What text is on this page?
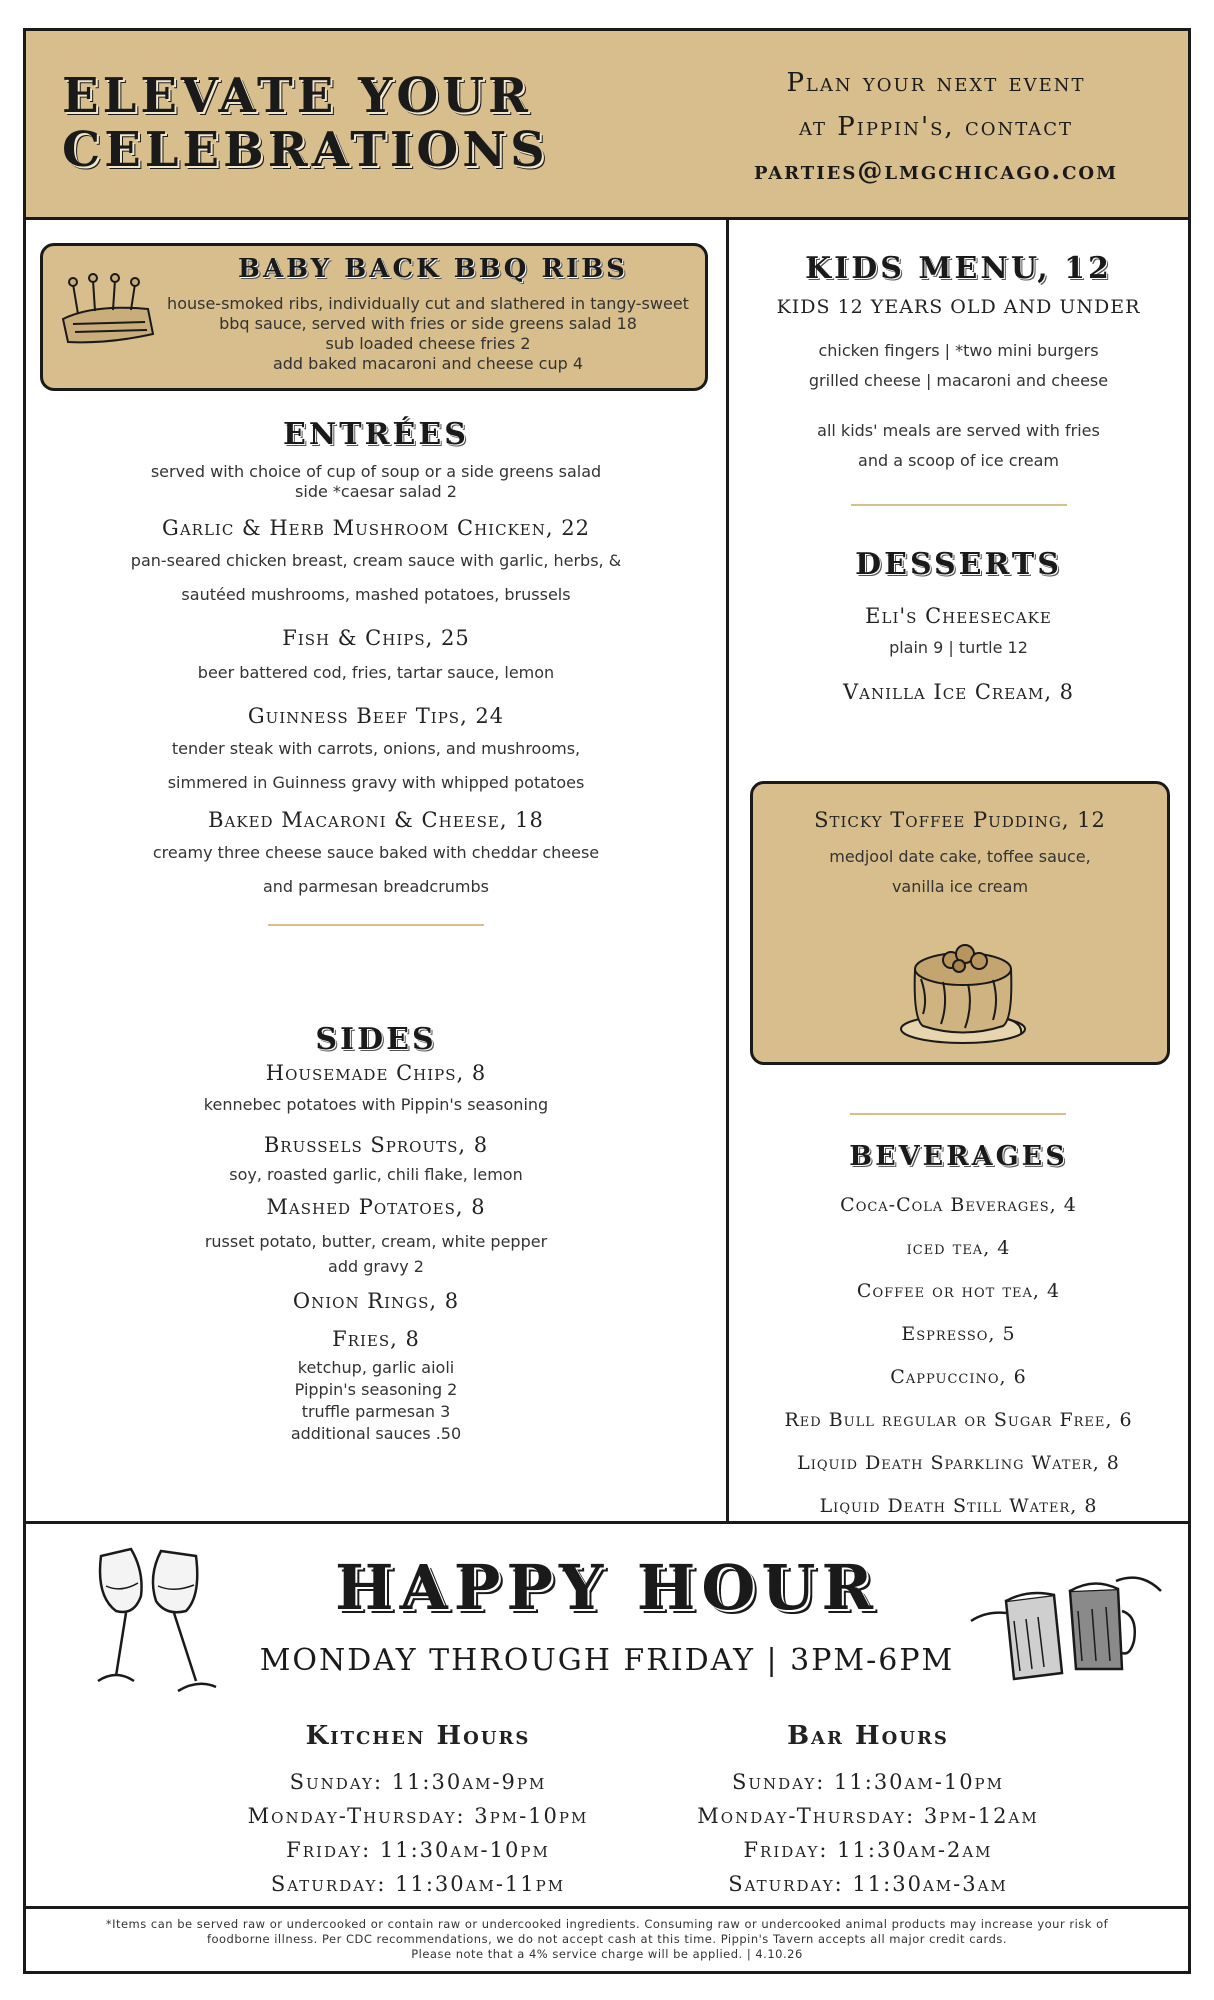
ELEVATE YOUR
CELEBRATIONS
Plan your next event
at Pippin's, contact
parties@lmgchicago.com
BABY BACK BBQ RIBS
house-smoked ribs, individually cut and slathered in tangy-sweet
bbq sauce, served with fries or side greens salad 18
sub loaded cheese fries 2
add baked macaroni and cheese cup 4
ENTRÉES
served with choice of cup of soup or a side greens salad
side *caesar salad 2
Garlic & Herb Mushroom Chicken, 22
pan-seared chicken breast, cream sauce with garlic, herbs, &
sautéed mushrooms, mashed potatoes, brussels
Fish & Chips, 25
beer battered cod, fries, tartar sauce, lemon
Guinness Beef Tips, 24
tender steak with carrots, onions, and mushrooms,
simmered in Guinness gravy with whipped potatoes
Baked Macaroni & Cheese, 18
creamy three cheese sauce baked with cheddar cheese
and parmesan breadcrumbs
SIDES
Housemade Chips, 8
kennebec potatoes with Pippin's seasoning
Brussels Sprouts, 8
soy, roasted garlic, chili flake, lemon
Mashed Potatoes, 8
russet potato, butter, cream, white pepper
add gravy 2
Onion Rings, 8
Fries, 8
ketchup, garlic aioli
Pippin's seasoning 2
truffle parmesan 3
additional sauces .50
KIDS MENU, 12
KIDS 12 YEARS OLD AND UNDER
chicken fingers | *two mini burgers
grilled cheese | macaroni and cheese
all kids' meals are served with fries
and a scoop of ice cream
DESSERTS
Eli's Cheesecake
plain 9 | turtle 12
Vanilla Ice Cream, 8
Sticky Toffee Pudding, 12
medjool date cake, toffee sauce,
vanilla ice cream
BEVERAGES
Coca-Cola Beverages, 4
iced tea, 4
Coffee or hot tea, 4
Espresso, 5
Cappuccino, 6
Red Bull regular or Sugar Free, 6
Liquid Death Sparkling Water, 8
Liquid Death Still Water, 8
HAPPY HOUR
MONDAY THROUGH FRIDAY | 3PM-6PM
Kitchen Hours
Sunday: 11:30am-9pm
Monday-Thursday: 3pm-10pm
Friday: 11:30am-10pm
Saturday: 11:30am-11pm
Bar Hours
Sunday: 11:30am-10pm
Monday-Thursday: 3pm-12am
Friday: 11:30am-2am
Saturday: 11:30am-3am
*Items can be served raw or undercooked or contain raw or undercooked ingredients. Consuming raw or undercooked animal products may increase your risk of
foodborne illness. Per CDC recommendations, we do not accept cash at this time. Pippin's Tavern accepts all major credit cards.
Please note that a 4% service charge will be applied. | 4.10.26
